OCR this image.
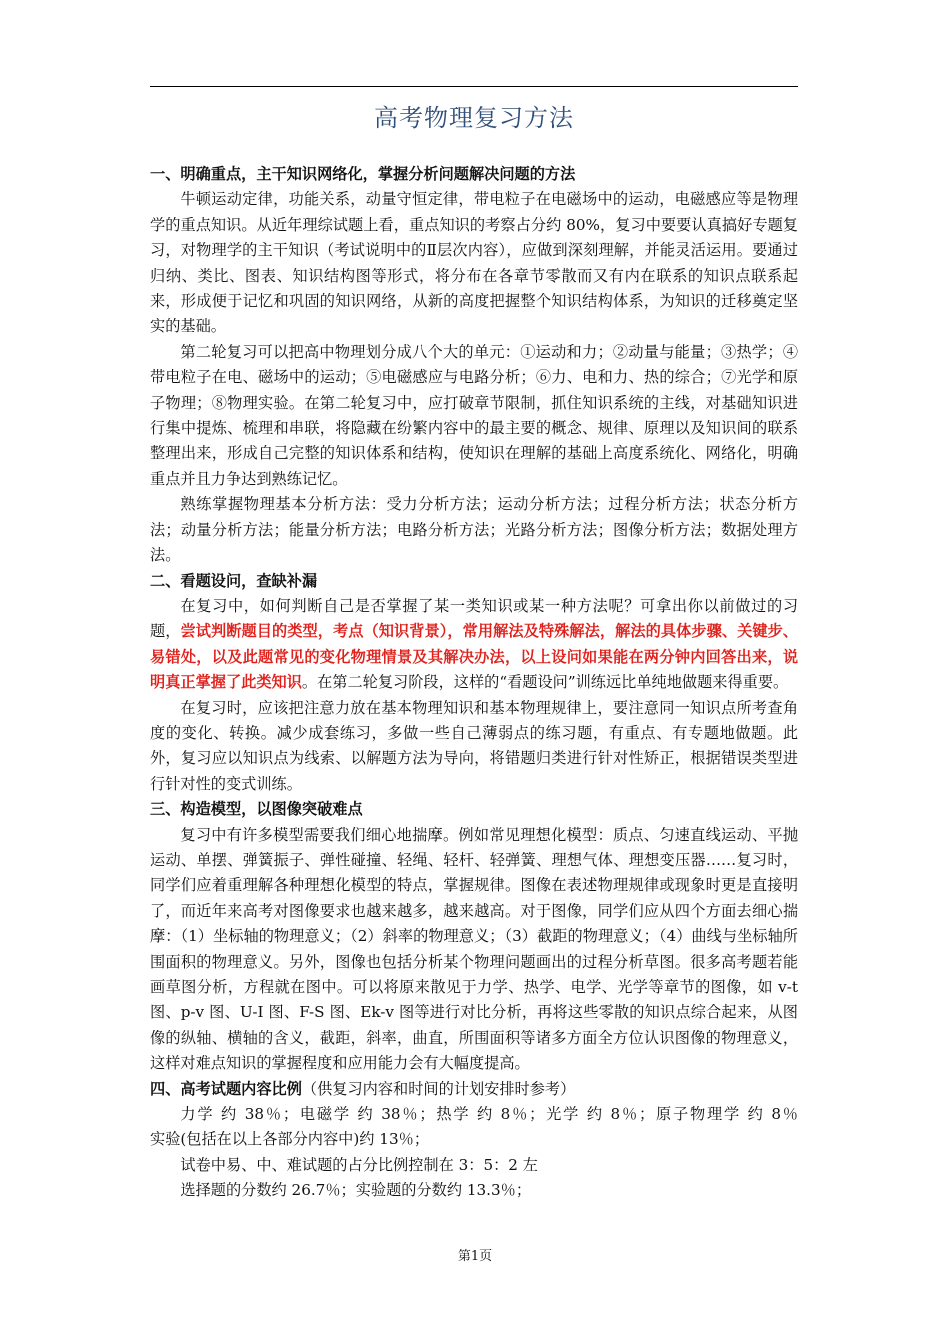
高考物理复习方法
一、明确重点，主干知识网络化，掌握分析问题解决问题的方法

牛顿运动定律，功能关系，动量守恒定律，带电粒子在电磁场中的运动，电磁感应等是物理学的重点知识。从近年理综试题上看，重点知识的考察占分约 80%，复习中要要认真搞好专题复习，对物理学的主干知识（考试说明中的Ⅱ层次内容），应做到深刻理解，并能灵活运用。要通过归纳、类比、图表、知识结构图等形式，将分布在各章节零散而又有内在联系的知识点联系起来，形成便于记忆和巩固的知识网络，从新的高度把握整个知识结构体系，为知识的迁移奠定坚实的基础。

第二轮复习可以把高中物理划分成八个大的单元：①运动和力；②动量与能量；③热学；④带电粒子在电、磁场中的运动；⑤电磁感应与电路分析；⑥力、电和力、热的综合；⑦光学和原子物理；⑧物理实验。在第二轮复习中，应打破章节限制，抓住知识系统的主线，对基础知识进行集中提炼、梳理和串联，将隐藏在纷繁内容中的最主要的概念、规律、原理以及知识间的联系整理出来，形成自己完整的知识体系和结构，使知识在理解的基础上高度系统化、网络化，明确重点并且力争达到熟练记忆。

熟练掌握物理基本分析方法：受力分析方法；运动分析方法；过程分析方法；状态分析方法；动量分析方法；能量分析方法；电路分析方法；光路分析方法；图像分析方法；数据处理方法。

二、看题设问，查缺补漏

在复习中，如何判断自己是否掌握了某一类知识或某一种方法呢？可拿出你以前做过的习题，尝试判断题目的类型，考点（知识背景），常用解法及特殊解法，解法的具体步骤、关键步、易错处，以及此题常见的变化物理情景及其解决办法，以上设问如果能在两分钟内回答出来，说明真正掌握了此类知识。在第二轮复习阶段，这样的“看题设问”训练远比单纯地做题来得重要。

在复习时，应该把注意力放在基本物理知识和基本物理规律上，要注意同一知识点所考查角度的变化、转换。减少成套练习，多做一些自己薄弱点的练习题，有重点、有专题地做题。此外，复习应以知识点为线索、以解题方法为导向，将错题归类进行针对性矫正，根据错误类型进行针对性的变式训练。

三、构造模型，以图像突破难点

复习中有许多模型需要我们细心地揣摩。例如常见理想化模型：质点、匀速直线运动、平抛运动、单摆、弹簧振子、弹性碰撞、轻绳、轻杆、轻弹簧、理想气体、理想变压器……复习时，同学们应着重理解各种理想化模型的特点，掌握规律。图像在表述物理规律或现象时更是直接明了，而近年来高考对图像要求也越来越多，越来越高。对于图像，同学们应从四个方面去细心揣摩：（1）坐标轴的物理意义；（2）斜率的物理意义；（3）截距的物理意义；（4）曲线与坐标轴所围面积的物理意义。另外，图像也包括分析某个物理问题画出的过程分析草图。很多高考题若能画草图分析，方程就在图中。可以将原来散见于力学、热学、电学、光学等章节的图像，如 v-t 图、p-v 图、U-I 图、F-S 图、Ek-v 图等进行对比分析，再将这些零散的知识点综合起来，从图像的纵轴、横轴的含义，截距，斜率，曲直，所围面积等诸多方面全方位认识图像的物理意义，这样对难点知识的掌握程度和应用能力会有大幅度提高。

四、高考试题内容比例（供复习内容和时间的计划安排时参考）

力学 约 38％；电磁学 约 38％；热学 约 8％；光学 约 8％；原子物理学 约 8％

实验(包括在以上各部分内容中)约 13％；

试卷中易、中、难试题的占分比例控制在 3：5：2 左

选择题的分数约 26.7％；实验题的分数约 13.3％；

第1页
